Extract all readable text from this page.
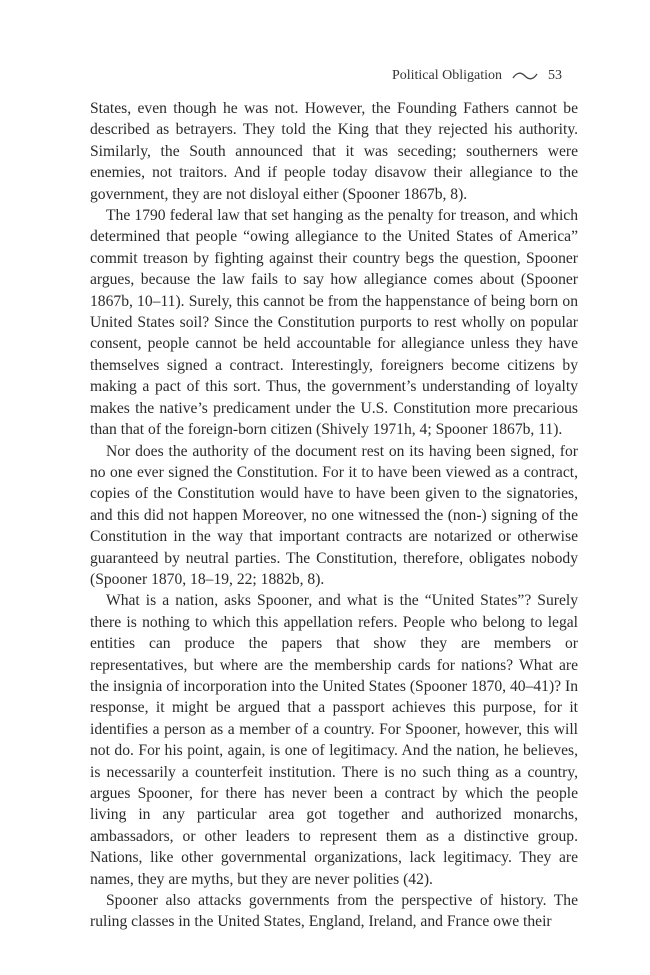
Political Obligation	53

States, even though he was not. However, the Founding Fathers cannot be described as betrayers. They told the King that they rejected his authority. Similarly, the South announced that it was seceding; southerners were enemies, not traitors. And if people today disavow their allegiance to the government, they are not disloyal either (Spooner 1867b, 8).

The 1790 federal law that set hanging as the penalty for treason, and which determined that people “owing allegiance to the United States of America” commit treason by fighting against their country begs the question, Spooner argues, because the law fails to say how allegiance comes about (Spooner 1867b, 10–11). Surely, this cannot be from the happenstance of being born on United States soil? Since the Constitution purports to rest wholly on popular consent, people cannot be held accountable for allegiance unless they have themselves signed a contract. Interestingly, foreigners become citizens by making a pact of this sort. Thus, the government’s understanding of loyalty makes the native’s predicament under the U.S. Constitution more precarious than that of the foreign-born citizen (Shively 1971h, 4; Spooner 1867b, 11).

Nor does the authority of the document rest on its having been signed, for no one ever signed the Constitution. For it to have been viewed as a contract, copies of the Constitution would have to have been given to the signatories, and this did not happen Moreover, no one witnessed the (non-) signing of the Constitution in the way that important contracts are notarized or otherwise guaranteed by neutral parties. The Constitution, therefore, obligates nobody (Spooner 1870, 18–19, 22; 1882b, 8).

What is a nation, asks Spooner, and what is the “United States”? Surely there is nothing to which this appellation refers. People who belong to legal entities can produce the papers that show they are members or representatives, but where are the membership cards for nations? What are the insignia of incorporation into the United States (Spooner 1870, 40–41)? In response, it might be argued that a passport achieves this purpose, for it identifies a person as a member of a country. For Spooner, however, this will not do. For his point, again, is one of legitimacy. And the nation, he believes, is necessarily a counterfeit institution. There is no such thing as a country, argues Spooner, for there has never been a contract by which the people living in any particular area got together and authorized monarchs, ambassadors, or other leaders to represent them as a distinctive group. Nations, like other governmental organizations, lack legitimacy. They are names, they are myths, but they are never polities (42).

Spooner also attacks governments from the perspective of history. The ruling classes in the United States, England, Ireland, and France owe their
